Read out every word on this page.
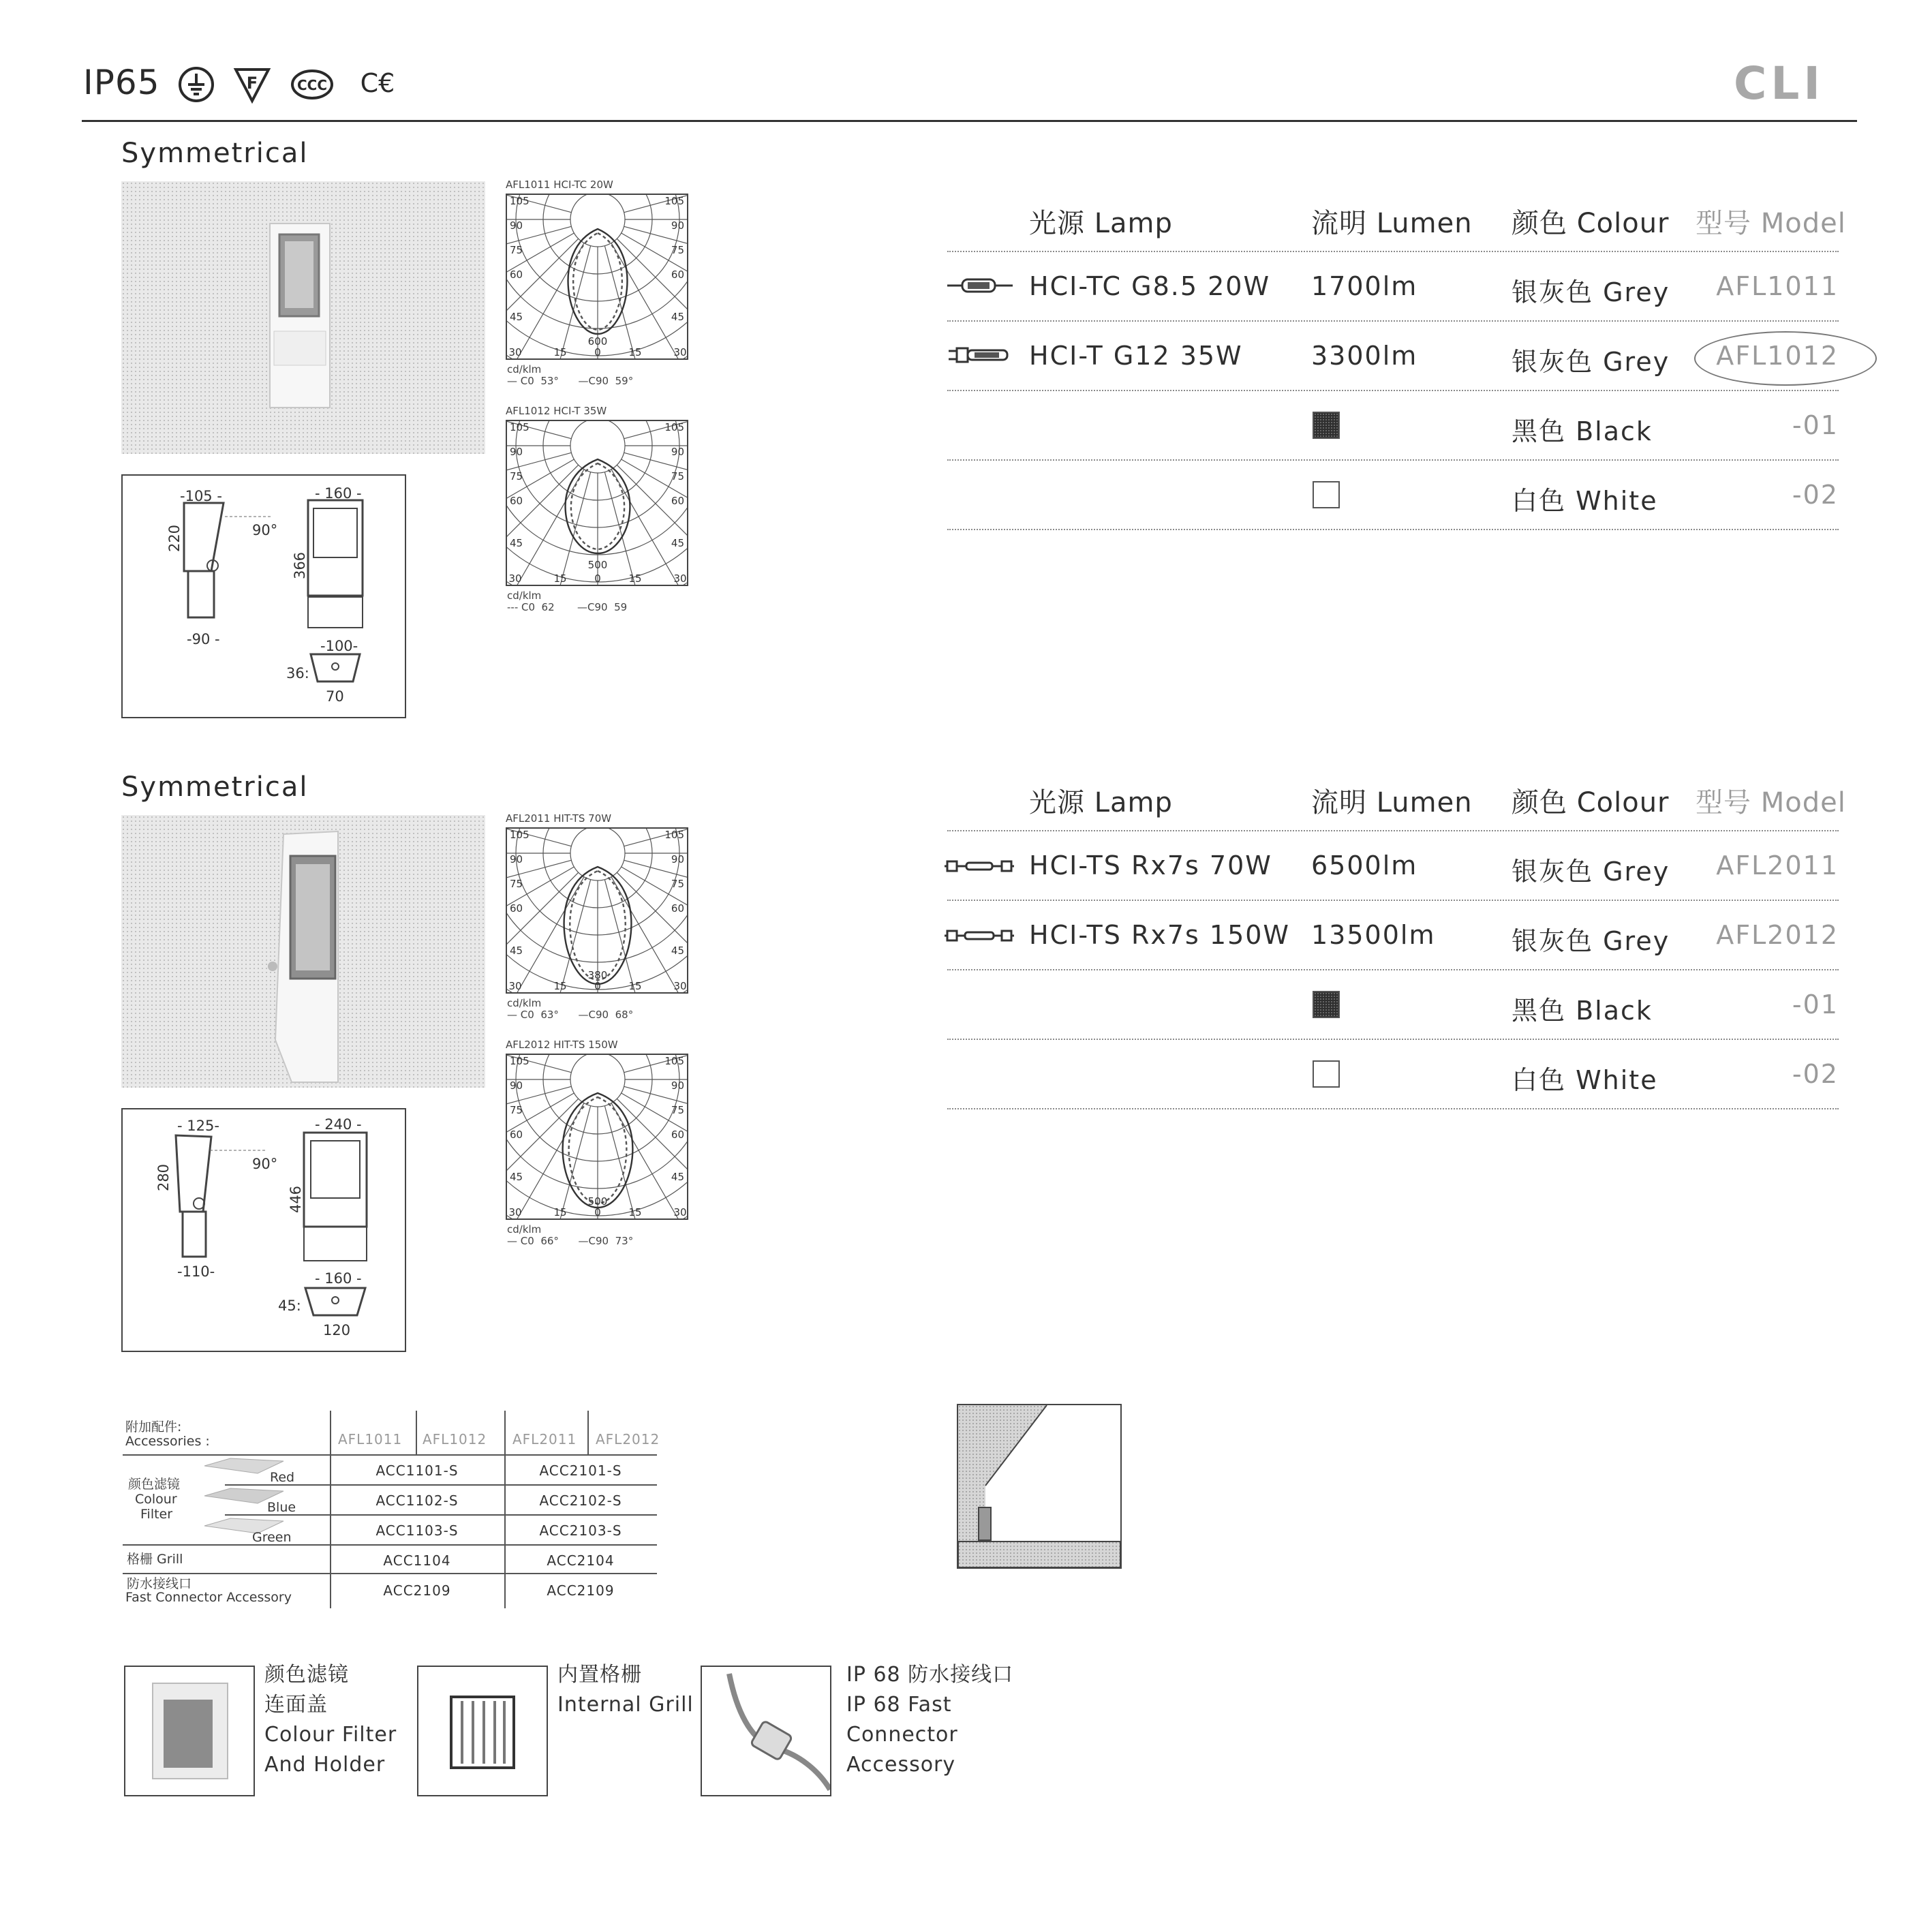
IP65	F	CCC C€	CLI
Symmetrical
-105 -
220	90°
-90 -
- 160 -
366
-100-
36:
70
AFL1011 HCI-TC 20W
105
90
75
60
45
105
90
75
60
45
30	15	0	15	30
600
cd/klm
— C0  53°      —C90  59°
AFL1012 HCI-T 35W
105
90
75
60
45
105
90
75
60
45
30	15	0	15	30
500
cd/klm
--- C0  62       —C90  59
光源 Lamp	流明 Lumen 颜色 Colour 型号 Model
HCI-TC G8.5 20W 1700lm	银灰色 Grey	AFL1011
HCI-T G12 35W	3300lm	银灰色 Grey	AFL1012
黑色 Black	-01
白色 White	-02
Symmetrical
- 125-
280	90°
-110-
- 240 -
446
- 160 -
45:
120
AFL2011 HIT-TS 70W
105
90
75
60
45
105
90
75
60
45
30	15	0	15	30
380
cd/klm
— C0  63°      —C90  68°
AFL2012 HIT-TS 150W
105
90
75
60
45
105
90
75
60
45
30	15	0	15	30
500
cd/klm
— C0  66°      —C90  73°
光源 Lamp	流明 Lumen 颜色 Colour 型号 Model
HCI-TS Rx7s 70W 6500lm	银灰色 Grey	AFL2011
HCI-TS Rx7s 150W 13500lm	银灰色 Grey	AFL2012
黑色 Black	-01
白色 White	-02
附加配件:
Accessories :	AFL1011 AFL1012 AFL2011 AFL2012
颜色滤镜
Colour
Filter
Red	ACC1101-S	ACC2101-S
Blue	ACC1102-S	ACC2102-S
Green	ACC1103-S	ACC2103-S
格栅 Grill	ACC1104	ACC2104
防水接线口
Fast Connector Accessory	ACC2109	ACC2109
颜色滤镜
连面盖
Colour Filter
And Holder
内置格栅
Internal Grill
IP 68 防水接线口
IP 68 Fast
Connector
Accessory
